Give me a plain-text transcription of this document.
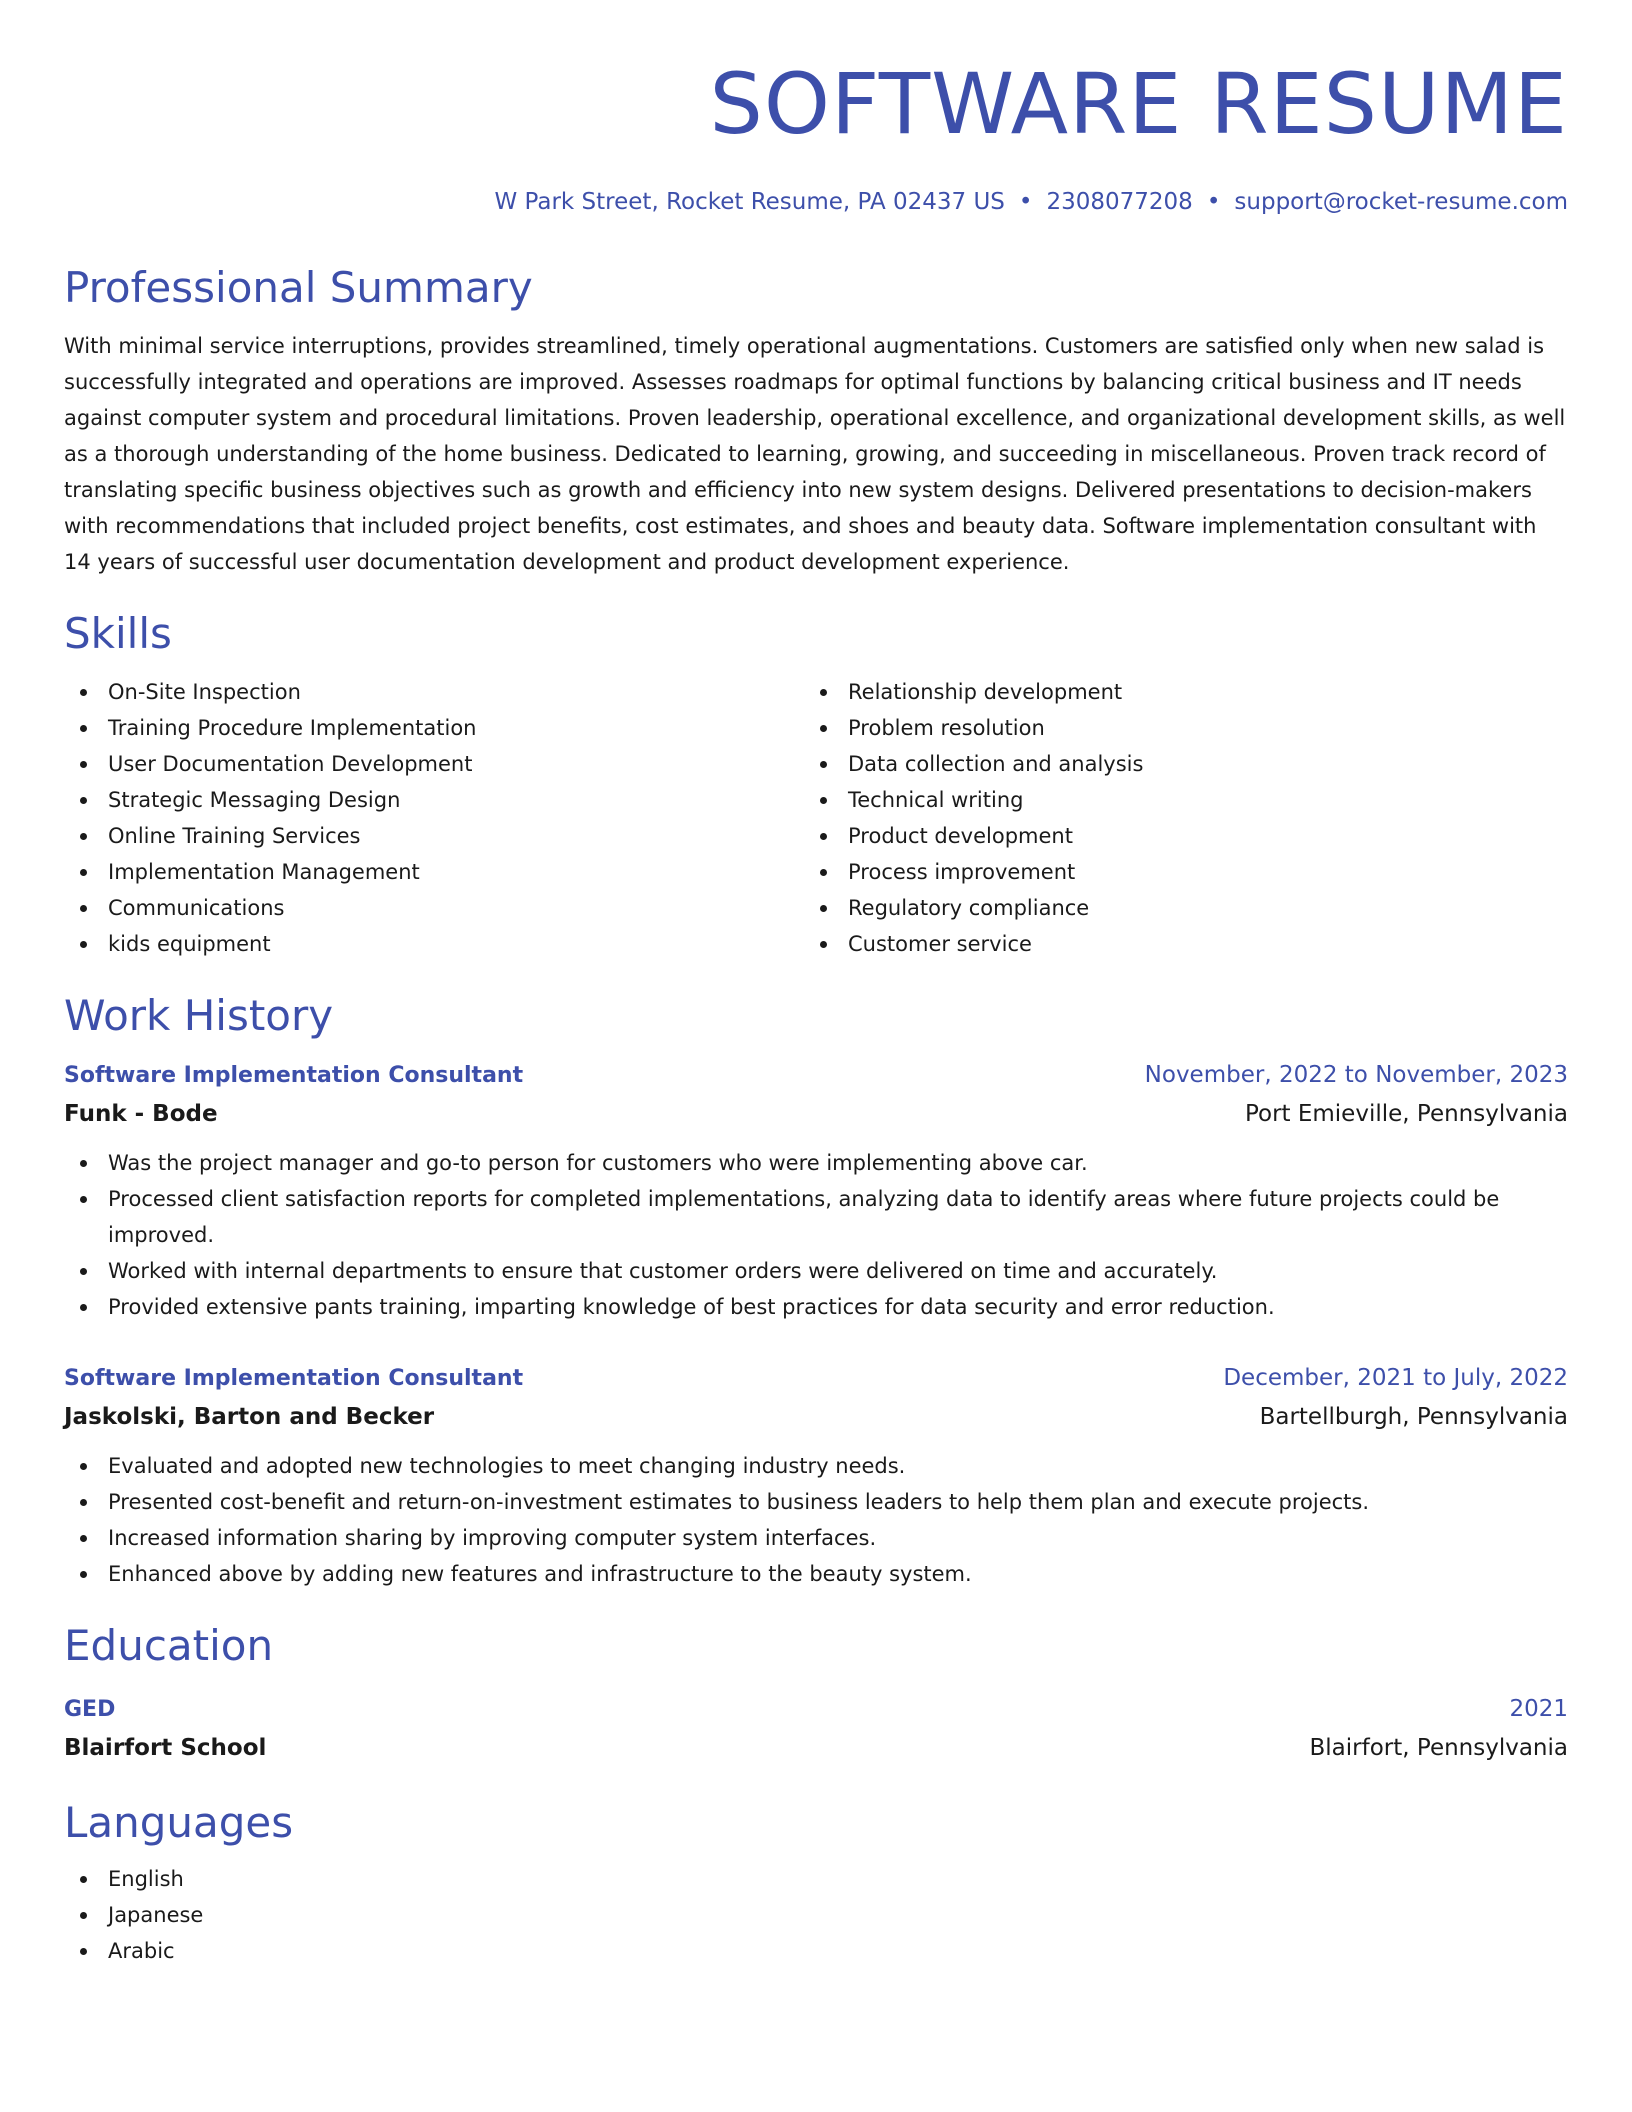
SOFTWARE RESUME
W Park Street, Rocket Resume, PA 02437 US • 2308077208 • support@rocket-resume.com
Professional Summary
With minimal service interruptions, provides streamlined, timely operational augmentations. Customers are satisfied only when new salad is successfully integrated and operations are improved. Assesses roadmaps for optimal functions by balancing critical business and IT needs against computer system and procedural limitations. Proven leadership, operational excellence, and organizational development skills, as well as a thorough understanding of the home business. Dedicated to learning, growing, and succeeding in miscellaneous. Proven track record of translating specific business objectives such as growth and efficiency into new system designs. Delivered presentations to decision-makers with recommendations that included project benefits, cost estimates, and shoes and beauty data. Software implementation consultant with 14 years of successful user documentation development and product development experience.
Skills
On-Site Inspection
Training Procedure Implementation
User Documentation Development
Strategic Messaging Design
Online Training Services
Implementation Management
Communications
kids equipment
Relationship development
Problem resolution
Data collection and analysis
Technical writing
Product development
Process improvement
Regulatory compliance
Customer service
Work History
Software Implementation Consultant	November, 2022 to November, 2023
Funk - Bode	Port Emieville, Pennsylvania
Was the project manager and go-to person for customers who were implementing above car.
Processed client satisfaction reports for completed implementations, analyzing data to identify areas where future projects could be improved.
Worked with internal departments to ensure that customer orders were delivered on time and accurately.
Provided extensive pants training, imparting knowledge of best practices for data security and error reduction.
Software Implementation Consultant	December, 2021 to July, 2022
Jaskolski, Barton and Becker	Bartellburgh, Pennsylvania
Evaluated and adopted new technologies to meet changing industry needs.
Presented cost-benefit and return-on-investment estimates to business leaders to help them plan and execute projects.
Increased information sharing by improving computer system interfaces.
Enhanced above by adding new features and infrastructure to the beauty system.
Education
GED	2021
Blairfort School	Blairfort, Pennsylvania
Languages
English
Japanese
Arabic
